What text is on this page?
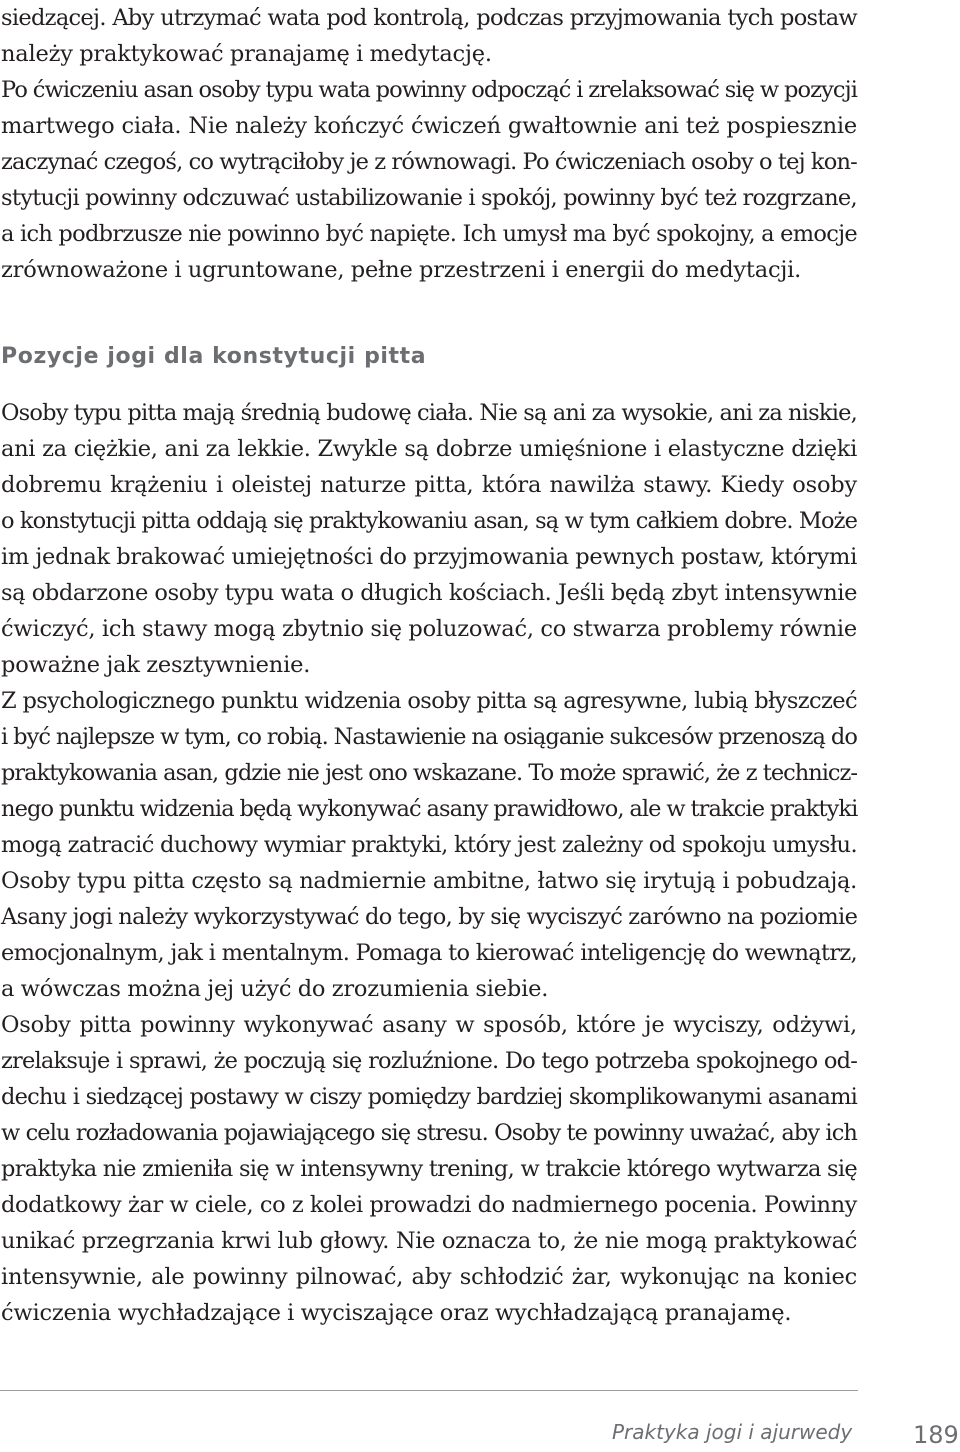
siedzącej. Aby utrzymać wata pod kontrolą, podczas przyjmowania tych postaw
należy praktykować pranajamę i medytację.
Po ćwiczeniu asan osoby typu wata powinny odpocząć i zrelaksować się w pozycji
martwego ciała. Nie należy kończyć ćwiczeń gwałtownie ani też pospiesznie
zaczynać czegoś, co wytrąciłoby je z równowagi. Po ćwiczeniach osoby o tej kon-
stytucji powinny odczuwać ustabilizowanie i spokój, powinny być też rozgrzane,
a ich podbrzusze nie powinno być napięte. Ich umysł ma być spokojny, a emocje
zrównoważone i ugruntowane, pełne przestrzeni i energii do medytacji.
Pozycje jogi dla konstytucji pitta
Osoby typu pitta mają średnią budowę ciała. Nie są ani za wysokie, ani za niskie,
ani za ciężkie, ani za lekkie. Zwykle są dobrze umięśnione i elastyczne dzięki
dobremu krążeniu i oleistej naturze pitta, która nawilża stawy. Kiedy osoby
o konstytucji pitta oddają się praktykowaniu asan, są w tym całkiem dobre. Może
im jednak brakować umiejętności do przyjmowania pewnych postaw, którymi
są obdarzone osoby typu wata o długich kościach. Jeśli będą zbyt intensywnie
ćwiczyć, ich stawy mogą zbytnio się poluzować, co stwarza problemy równie
poważne jak zesztywnienie.
Z psychologicznego punktu widzenia osoby pitta są agresywne, lubią błyszczeć
i być najlepsze w tym, co robią. Nastawienie na osiąganie sukcesów przenoszą do
praktykowania asan, gdzie nie jest ono wskazane. To może sprawić, że z technicz-
nego punktu widzenia będą wykonywać asany prawidłowo, ale w trakcie praktyki
mogą zatracić duchowy wymiar praktyki, który jest zależny od spokoju umysłu.
Osoby typu pitta często są nadmiernie ambitne, łatwo się irytują i pobudzają.
Asany jogi należy wykorzystywać do tego, by się wyciszyć zarówno na poziomie
emocjonalnym, jak i mentalnym. Pomaga to kierować inteligencję do wewnątrz,
a wówczas można jej użyć do zrozumienia siebie.
Osoby pitta powinny wykonywać asany w sposób, które je wyciszy, odżywi,
zrelaksuje i sprawi, że poczują się rozluźnione. Do tego potrzeba spokojnego od-
dechu i siedzącej postawy w ciszy pomiędzy bardziej skomplikowanymi asanami
w celu rozładowania pojawiającego się stresu. Osoby te powinny uważać, aby ich
praktyka nie zmieniła się w intensywny trening, w trakcie którego wytwarza się
dodatkowy żar w ciele, co z kolei prowadzi do nadmiernego pocenia. Powinny
unikać przegrzania krwi lub głowy. Nie oznacza to, że nie mogą praktykować
intensywnie, ale powinny pilnować, aby schłodzić żar, wykonując na koniec
ćwiczenia wychładzające i wyciszające oraz wychładzającą pranajamę.
Praktyka jogi i ajurwedy	189
